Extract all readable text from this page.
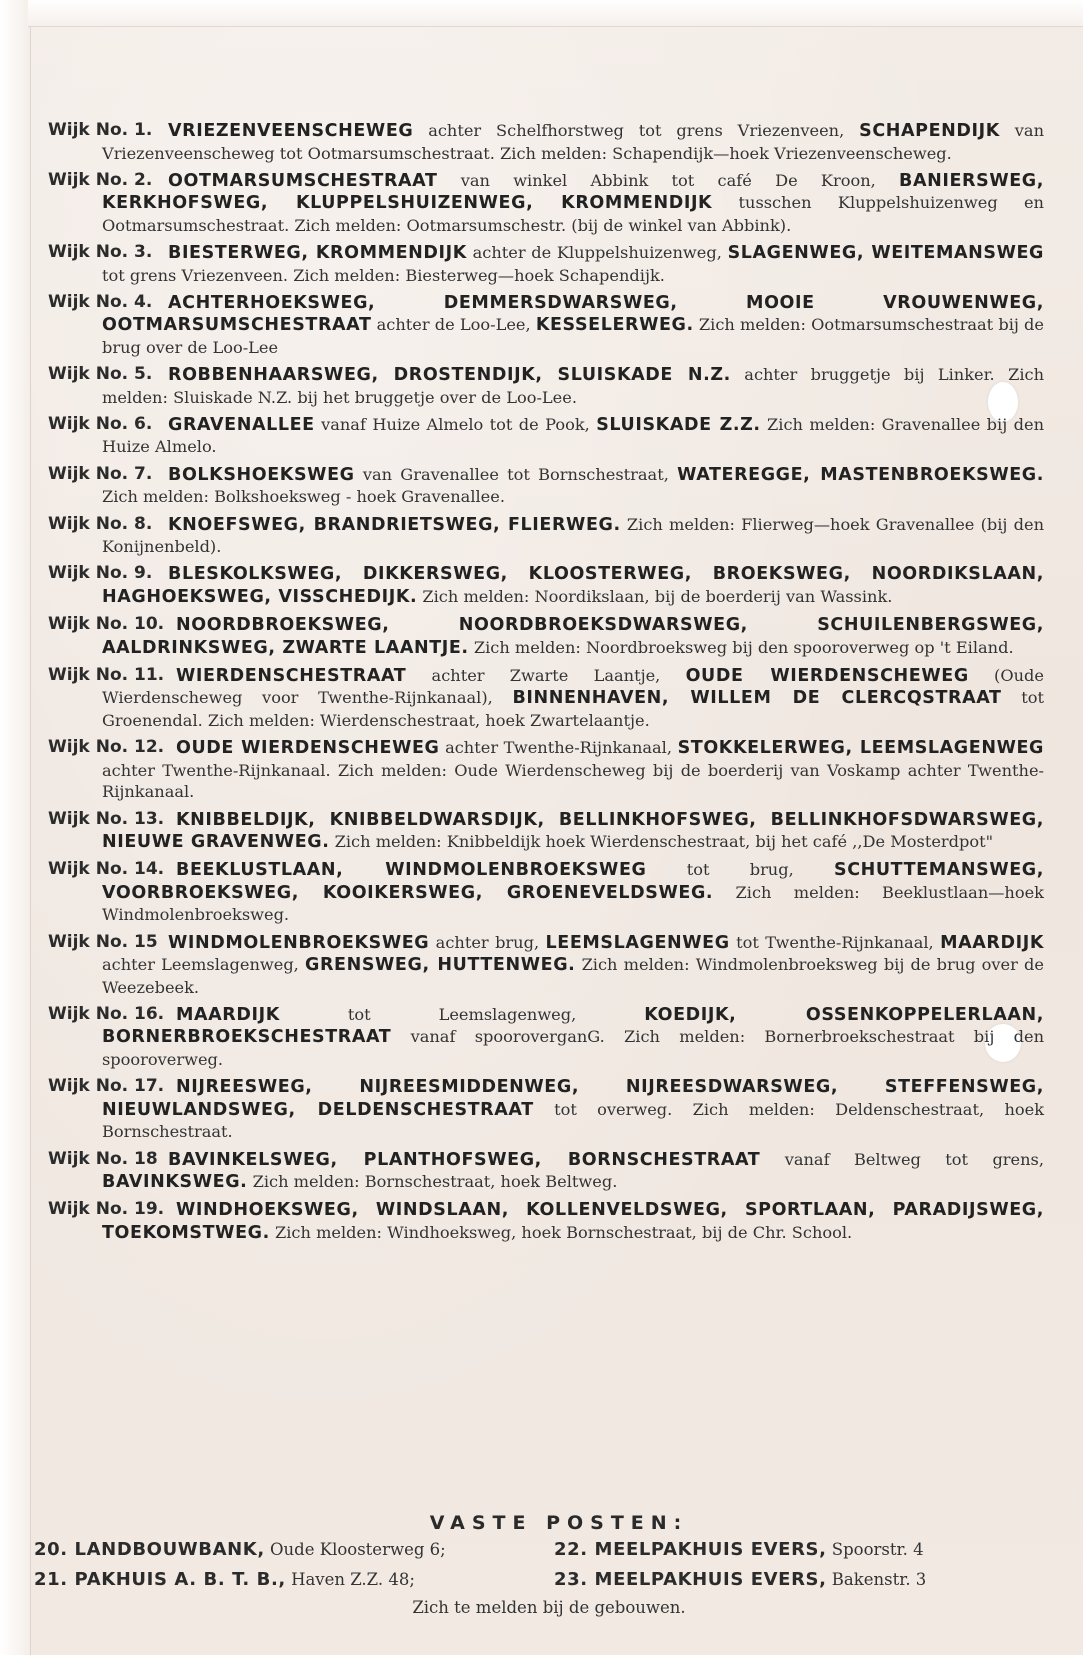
Wijk No. 1. VRIEZENVEENSCHEWEG achter Schelfhorstweg tot grens Vriezenveen, SCHAPENDIJK van Vriezenveenscheweg tot Ootmarsumschestraat. Zich melden: Schapendijk—hoek Vriezenveenscheweg.
Wijk No. 2. OOTMARSUMSCHESTRAAT van winkel Abbink tot café De Kroon, BANIERSWEG, KERKHOFSWEG, KLUPPELSHUIZENWEG, KROMMENDIJK tusschen Kluppelshuizenweg en Ootmarsumschestraat. Zich melden: Ootmarsumschestr. (bij de winkel van Abbink).
Wijk No. 3. BIESTERWEG, KROMMENDIJK achter de Kluppelshuizenweg, SLAGENWEG, WEITEMANSWEG tot grens Vriezenveen. Zich melden: Biesterweg—hoek Schapendijk.
Wijk No. 4. ACHTERHOEKSWEG, DEMMERSDWARSWEG, MOOIE VROUWENWEG, OOTMARSUMSCHESTRAAT achter de Loo-Lee, KESSELERWEG. Zich melden: Ootmarsumschestraat bij de brug over de Loo-Lee
Wijk No. 5. ROBBENHAARSWEG, DROSTENDIJK, SLUISKADE N.Z. achter bruggetje bij Linker. Zich melden: Sluiskade N.Z. bij het bruggetje over de Loo-Lee.
Wijk No. 6. GRAVENALLEE vanaf Huize Almelo tot de Pook, SLUISKADE Z.Z. Zich melden: Gravenallee bij den Huize Almelo.
Wijk No. 7. BOLKSHOEKSWEG van Gravenallee tot Bornschestraat, WATEREGGE, MASTENBROEKSWEG. Zich melden: Bolkshoeksweg - hoek Gravenallee.
Wijk No. 8. KNOEFSWEG, BRANDRIETSWEG, FLIERWEG. Zich melden: Flierweg—hoek Gravenallee (bij den Konijnenbeld).
Wijk No. 9. BLESKOLKSWEG, DIKKERSWEG, KLOOSTERWEG, BROEKSWEG, NOORDIKSLAAN, HAGHOEKSWEG, VISSCHEDIJK. Zich melden: Noordikslaan, bij de boerderij van Wassink.
Wijk No. 10. NOORDBROEKSWEG, NOORDBROEKSDWARSWEG, SCHUILENBERGSWEG, AALDRINKSWEG, ZWARTE LAANTJE. Zich melden: Noordbroeksweg bij den spooroverweg op 't Eiland.
Wijk No. 11. WIERDENSCHESTRAAT achter Zwarte Laantje, OUDE WIERDENSCHEWEG (Oude Wierdenscheweg voor Twenthe-Rijnkanaal), BINNENHAVEN, WILLEM DE CLERCQSTRAAT tot Groenendal. Zich melden: Wierdenschestraat, hoek Zwartelaantje.
Wijk No. 12. OUDE WIERDENSCHEWEG achter Twenthe-Rijnkanaal, STOKKELERWEG, LEEMSLAGENWEG achter Twenthe-Rijnkanaal. Zich melden: Oude Wierdenscheweg bij de boerderij van Voskamp achter Twenthe-Rijnkanaal.
Wijk No. 13. KNIBBELDIJK, KNIBBELDWARSDIJK, BELLINKHOFSWEG, BELLINKHOFSDWARSWEG, NIEUWE GRAVENWEG. Zich melden: Knibbeldijk hoek Wierdenschestraat, bij het café ,,De Mosterdpot"
Wijk No. 14. BEEKLUSTLAAN, WINDMOLENBROEKSWEG tot brug, SCHUTTEMANSWEG, VOORBROEKSWEG, KOOIKERSWEG, GROENEVELDSWEG. Zich melden: Beeklustlaan—hoek Windmolenbroeksweg.
Wijk No. 15 WINDMOLENBROEKSWEG achter brug, LEEMSLAGENWEG tot Twenthe-Rijnkanaal, MAARDIJK achter Leemslagenweg, GRENSWEG, HUTTENWEG. Zich melden: Windmolenbroeksweg bij de brug over de Weezebeek.
Wijk No. 16. MAARDIJK tot Leemslagenweg, KOEDIJK, OSSENKOPPELERLAAN, BORNERBROEKSCHESTRAAT vanaf spooroverganG. Zich melden: Bornerbroekschestraat bij den spooroverweg.
Wijk No. 17. NIJREESWEG, NIJREESMIDDENWEG, NIJREESDWARSWEG, STEFFENSWEG, NIEUWLANDSWEG, DELDENSCHESTRAAT tot overweg. Zich melden: Deldenschestraat, hoek Bornschestraat.
Wijk No. 18 BAVINKELSWEG, PLANTHOFSWEG, BORNSCHESTRAAT vanaf Beltweg tot grens, BAVINKSWEG. Zich melden: Bornschestraat, hoek Beltweg.
Wijk No. 19. WINDHOEKSWEG, WINDSLAAN, KOLLENVELDSWEG, SPORTLAAN, PARADIJSWEG, TOEKOMSTWEG. Zich melden: Windhoeksweg, hoek Bornschestraat, bij de Chr. School.
VASTE POSTEN:
20. LANDBOUWBANK, Oude Kloosterweg 6;	22. MEELPAKHUIS EVERS, Spoorstr. 4
21. PAKHUIS A. B. T. B., Haven Z.Z. 48;	23. MEELPAKHUIS EVERS, Bakenstr. 3
Zich te melden bij de gebouwen.
